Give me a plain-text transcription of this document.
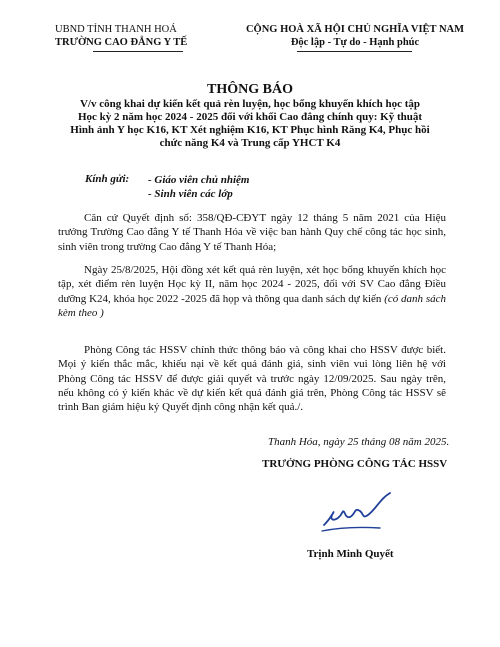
UBND TỈNH THANH HOÁ
TRƯỜNG CAO ĐẲNG Y TẾ
CỘNG HOÀ XÃ HỘI CHỦ NGHĨA VIỆT NAM
Độc lập - Tự do - Hạnh phúc
THÔNG BÁO
V/v công khai dự kiến kết quả rèn luyện, học bổng khuyến khích học tập Học kỳ 2 năm học 2024 - 2025 đối với khối Cao đẳng chính quy: Kỹ thuật Hình ảnh Y học K16, KT Xét nghiệm K16, KT Phục hình Răng K4, Phục hồi chức năng K4 và Trung cấp YHCT K4
Kính gửi: - Giáo viên chủ nhiệm
- Sinh viên các lớp
Căn cứ Quyết định số: 358/QĐ-CĐYT ngày 12 tháng 5 năm 2021 của Hiệu trưởng Trường Cao đẳng Y tế Thanh Hóa về việc ban hành Quy chế công tác học sinh, sinh viên trong trường Cao đẳng Y tế Thanh Hóa;
Ngày 25/8/2025, Hội đồng xét kết quả rèn luyện, xét học bổng khuyến khích học tập, xét điểm rèn luyện Học kỳ II, năm học 2024 - 2025, đối với SV Cao đẳng Điều dưỡng K24, khóa học 2022 -2025 đã họp và thông qua danh sách dự kiến (có danh sách kèm theo )
Phòng Công tác HSSV chính thức thông báo và công khai cho HSSV được biết. Mọi ý kiến thắc mắc, khiếu nại về kết quả đánh giá, sinh viên vui lòng liên hệ với Phòng Công tác HSSV để được giải quyết và trước ngày 12/09/2025. Sau ngày trên, nếu không có ý kiến khác về dự kiến kết quả đánh giá trên, Phòng Công tác HSSV sẽ trình Ban giám hiệu ký Quyết định công nhận kết quả./.
Thanh Hóa, ngày 25 tháng 08 năm 2025.
TRƯỞNG PHÒNG CÔNG TÁC HSSV
Trịnh Minh Quyết
